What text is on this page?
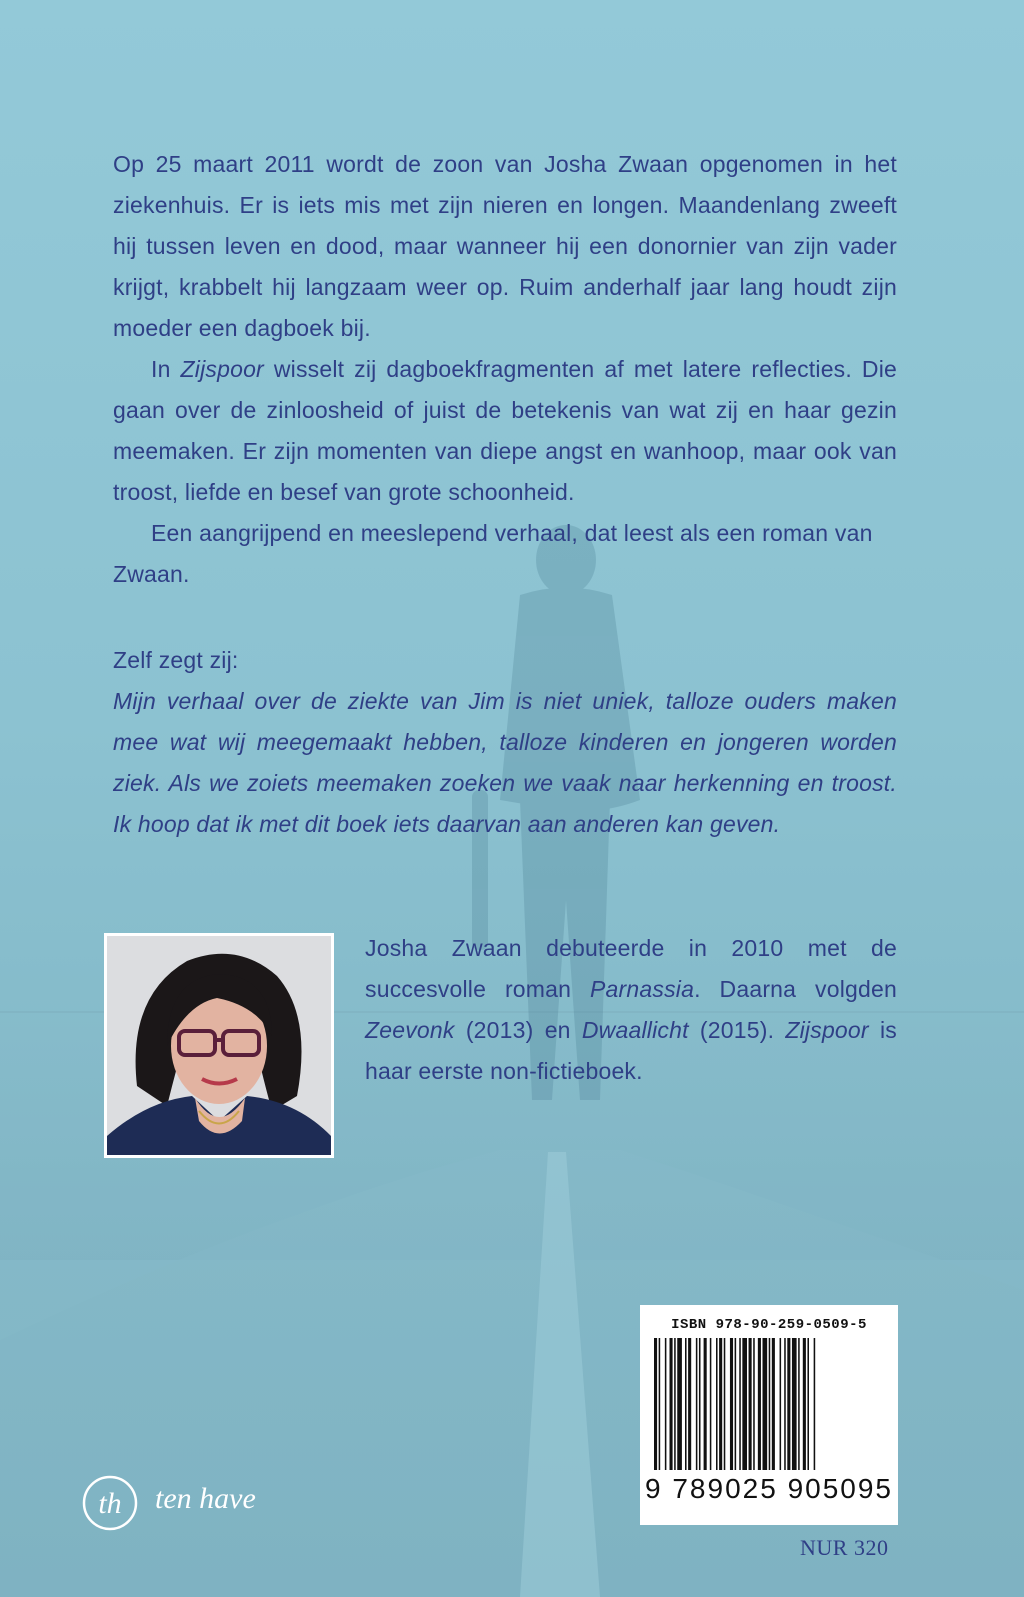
Op 25 maart 2011 wordt de zoon van Josha Zwaan opgenomen in het ziekenhuis. Er is iets mis met zijn nieren en longen. Maandenlang zweeft hij tussen leven en dood, maar wanneer hij een donornier van zijn vader krijgt, krabbelt hij langzaam weer op. Ruim anderhalf jaar lang houdt zijn moeder een dagboek bij.

In Zijspoor wisselt zij dagboekfragmenten af met latere reflecties. Die gaan over de zinloosheid of juist de betekenis van wat zij en haar gezin meemaken. Er zijn momenten van diepe angst en wanhoop, maar ook van troost, liefde en besef van grote schoonheid.

Een aangrijpend en meeslepend verhaal, dat leest als een roman van Zwaan.

Zelf zegt zij:

Mijn verhaal over de ziekte van Jim is niet uniek, talloze ouders maken mee wat wij meegemaakt hebben, talloze kinderen en jongeren worden ziek. Als we zoiets meemaken zoeken we vaak naar herkenning en troost. Ik hoop dat ik met dit boek iets daarvan aan anderen kan geven.

Josha Zwaan debuteerde in 2010 met de succesvolle roman Parnassia. Daarna volgden Zeevonk (2013) en Dwaallicht (2015). Zijspoor is haar eerste non-fictieboek.
ISBN 978-90-259-0509-5
9 789025 905095
th ten have
NUR 320
